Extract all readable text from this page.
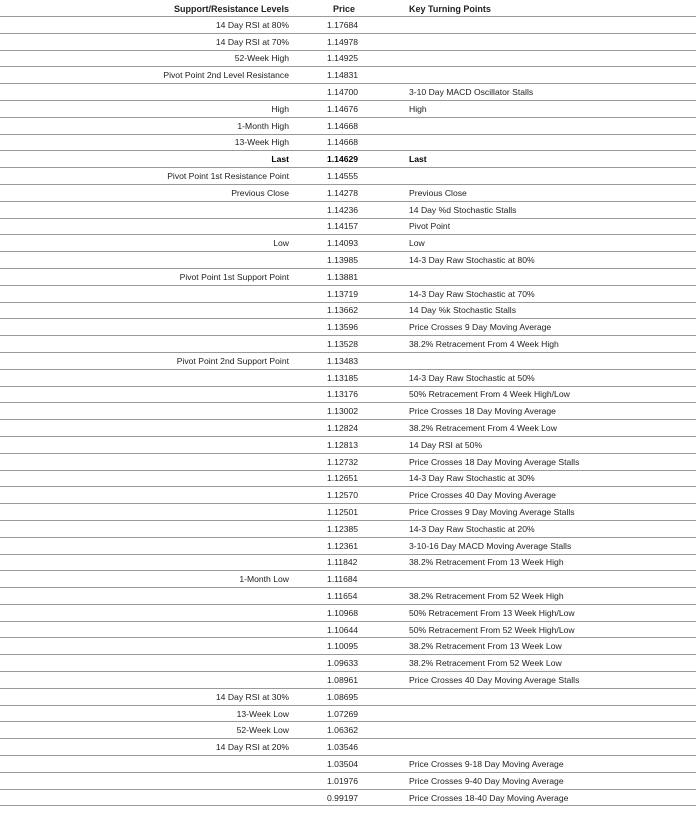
Support/Resistance Levels	Price	Key Turning Points
14 Day RSI at 80%	1.17684	
14 Day RSI at 70%	1.14978	
52-Week High	1.14925	
Pivot Point 2nd Level Resistance	1.14831	
	1.14700	3-10 Day MACD Oscillator Stalls
High	1.14676	High
1-Month High	1.14668	
13-Week High	1.14668	
Last	1.14629	Last
Pivot Point 1st Resistance Point	1.14555	
Previous Close	1.14278	Previous Close
	1.14236	14 Day %d Stochastic Stalls
	1.14157	Pivot Point
Low	1.14093	Low
	1.13985	14-3 Day Raw Stochastic at 80%
Pivot Point 1st Support Point	1.13881	
	1.13719	14-3 Day Raw Stochastic at 70%
	1.13662	14 Day %k Stochastic Stalls
	1.13596	Price Crosses 9 Day Moving Average
	1.13528	38.2% Retracement From 4 Week High
Pivot Point 2nd Support Point	1.13483	
	1.13185	14-3 Day Raw Stochastic at 50%
	1.13176	50% Retracement From 4 Week High/Low
	1.13002	Price Crosses 18 Day Moving Average
	1.12824	38.2% Retracement From 4 Week Low
	1.12813	14 Day RSI at 50%
	1.12732	Price Crosses 18 Day Moving Average Stalls
	1.12651	14-3 Day Raw Stochastic at 30%
	1.12570	Price Crosses 40 Day Moving Average
	1.12501	Price Crosses 9 Day Moving Average Stalls
	1.12385	14-3 Day Raw Stochastic at 20%
	1.12361	3-10-16 Day MACD Moving Average Stalls
	1.11842	38.2% Retracement From 13 Week High
1-Month Low	1.11684	
	1.11654	38.2% Retracement From 52 Week High
	1.10968	50% Retracement From 13 Week High/Low
	1.10644	50% Retracement From 52 Week High/Low
	1.10095	38.2% Retracement From 13 Week Low
	1.09633	38.2% Retracement From 52 Week Low
	1.08961	Price Crosses 40 Day Moving Average Stalls
14 Day RSI at 30%	1.08695	
13-Week Low	1.07269	
52-Week Low	1.06362	
14 Day RSI at 20%	1.03546	
	1.03504	Price Crosses 9-18 Day Moving Average
	1.01976	Price Crosses 9-40 Day Moving Average
	0.99197	Price Crosses 18-40 Day Moving Average
